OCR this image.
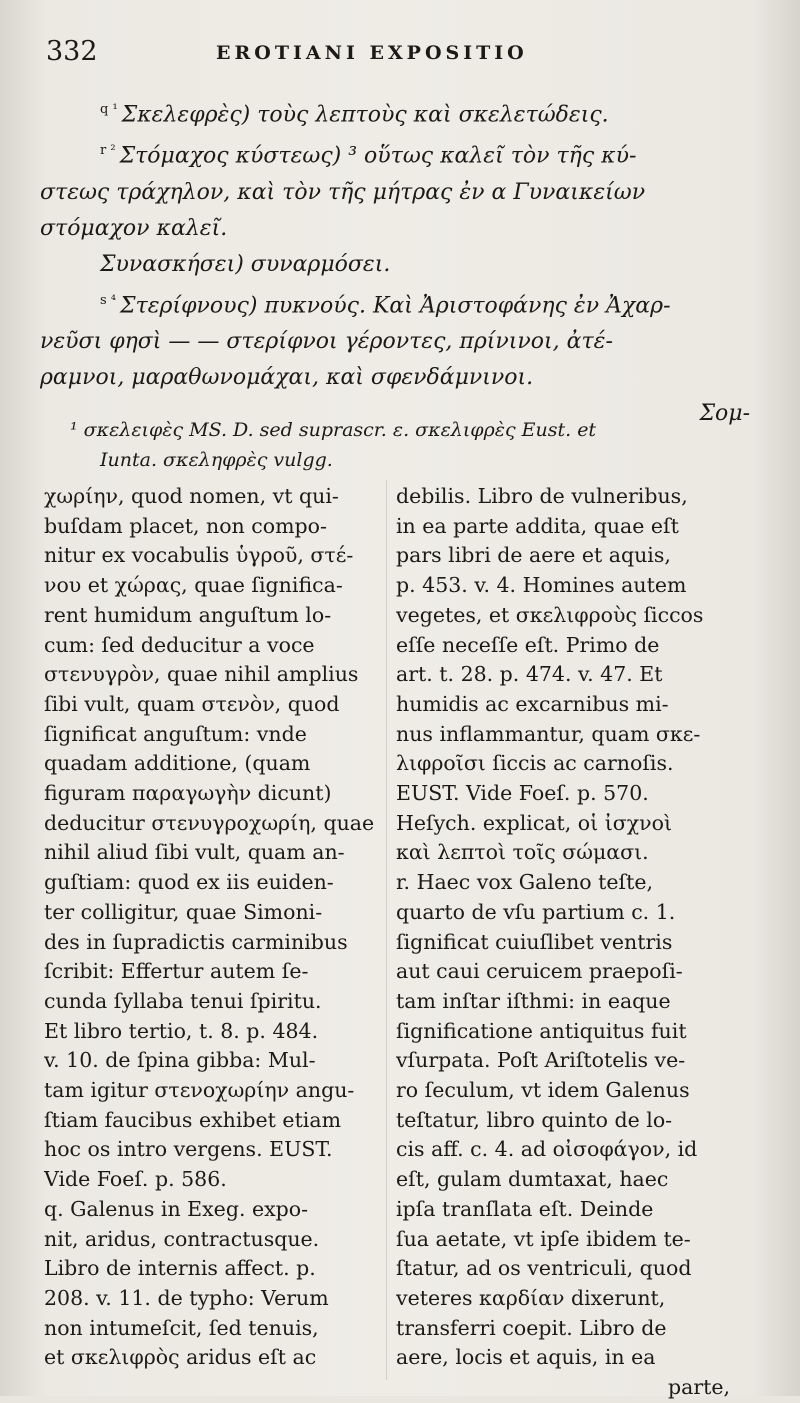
332	EROTIANI EXPOSITIO

$^{q ^1}$ Σκελεφρὲς) τοὺς λεπτοὺς καὶ σκελετώδεις.

$^{r ^2}$ Στόμαχος κύστεως) ³ οὕτως καλεῖ τὸν τῆς κύ-

στεως τράχηλον, καὶ τὸν τῆς μήτρας ἐν α Γυναικείων

στόμαχον καλεῖ.

Συνασκήσει) συναρμόσει.

$^{s ^4}$ Στερίφνους) πυκνούς. Καὶ Ἀριστοφάνης ἐν Ἀχαρ-

νεῦσι φησὶ — — στερίφνοι γέροντες, πρίνινοι, ἀτέ-

ραμνοι, μαραθωνομάχαι, καὶ σφενδάμνινοι.

Σομ-

¹ σκελειφὲς MS. D. sed suprascr. ε. σκελιφρὲς Eust. et

Iunta. σκεληφρὲς vulgg.

χωρίην, quod nomen, vt qui-

buſdam placet, non compo-

nitur ex vocabulis ὑγροῦ, στέ-

νου et χώρας, quae ſignifica-

rent humidum anguſtum lo-

cum: ſed deducitur a voce

στενυγρὸν, quae nihil amplius

ſibi vult, quam στενὸν, quod

ſignificat anguſtum: vnde

quadam additione, (quam

figuram παραγωγὴν dicunt)

deducitur στενυγροχωρίη, quae

nihil aliud ſibi vult, quam an-

guſtiam: quod ex iis euiden-

ter colligitur, quae Simoni-

des in ſupradictis carminibus

ſcribit: Effertur autem ſe-

cunda ſyllaba tenui ſpiritu.

Et libro tertio, t. 8. p. 484.

v. 10. de ſpina gibba: Mul-

tam igitur στενοχωρίην angu-

ſtiam faucibus exhibet etiam

hoc os intro vergens. EUST.

Vide Foeſ. p. 586.

q. Galenus in Exeg. expo-

nit, aridus, contractusque.

Libro de internis affect. p.

208. v. 11. de typho: Verum

non intumeſcit, ſed tenuis,

et σκελιφρὸς aridus eſt ac

debilis. Libro de vulneribus,

in ea parte addita, quae eſt

pars libri de aere et aquis,

p. 453. v. 4. Homines autem

vegetes, et σκελιφροὺς ſiccos

eſſe neceſſe eſt. Primo de

art. t. 28. p. 474. v. 47. Et

humidis ac excarnibus mi-

nus inflammantur, quam σκε-

λιφροῖσι ſiccis ac carnoſis.

EUST. Vide Foeſ. p. 570.

Heſych. explicat, οἱ ἰσχνοὶ

καὶ λεπτοὶ τοῖς σώμασι.

r. Haec vox Galeno teſte,

quarto de vſu partium c. 1.

ſignificat cuiuſlibet ventris

aut caui ceruicem praepoſi-

tam inſtar iſthmi: in eaque

ſignificatione antiquitus fuit

vſurpata. Poſt Ariſtotelis ve-

ro ſeculum, vt idem Galenus

teſtatur, libro quinto de lo-

cis aff. c. 4. ad οἰσοφάγον, id

eſt, gulam dumtaxat, haec

ipſa tranſlata eſt. Deinde

ſua aetate, vt ipſe ibidem te-

ſtatur, ad os ventriculi, quod

veteres καρδίαν dixerunt,

transferri coepit. Libro de

aere, locis et aquis, in ea

parte,
